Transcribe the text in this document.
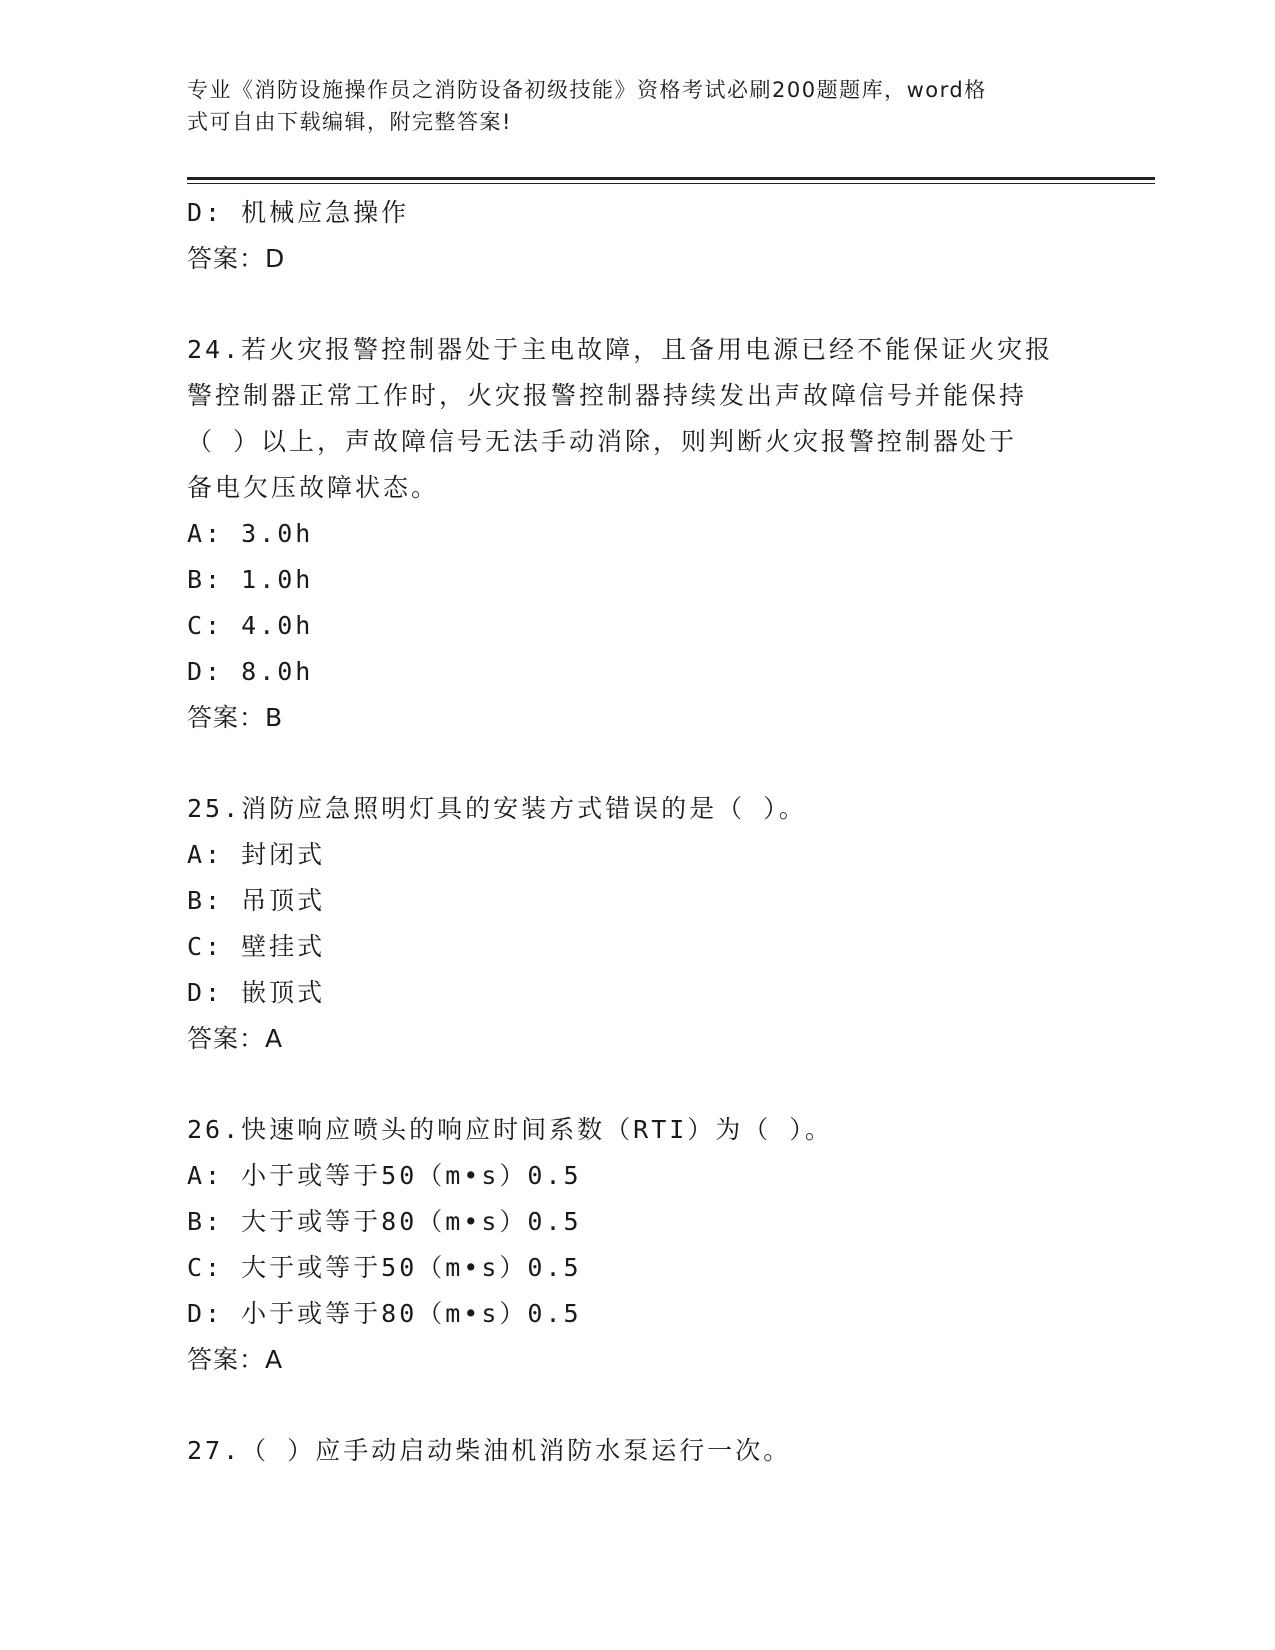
专业《消防设施操作员之消防设备初级技能》资格考试必刷200题题库，word格
式可自由下载编辑，附完整答案!
D: 机械应急操作
答案：D
24.若火灾报警控制器处于主电故障，且备用电源已经不能保证火灾报
警控制器正常工作时，火灾报警控制器持续发出声故障信号并能保持
（ ）以上，声故障信号无法手动消除，则判断火灾报警控制器处于
备电欠压故障状态。
A: 3.0h
B: 1.0h
C: 4.0h
D: 8.0h
答案：B
25.消防应急照明灯具的安装方式错误的是（ ）。
A: 封闭式
B: 吊顶式
C: 壁挂式
D: 嵌顶式
答案：A
26.快速响应喷头的响应时间系数（RTI）为（ ）。
A: 小于或等于50（m•s）0.5
B: 大于或等于80（m•s）0.5
C: 大于或等于50（m•s）0.5
D: 小于或等于80（m•s）0.5
答案：A
27.（ ）应手动启动柴油机消防水泵运行一次。
